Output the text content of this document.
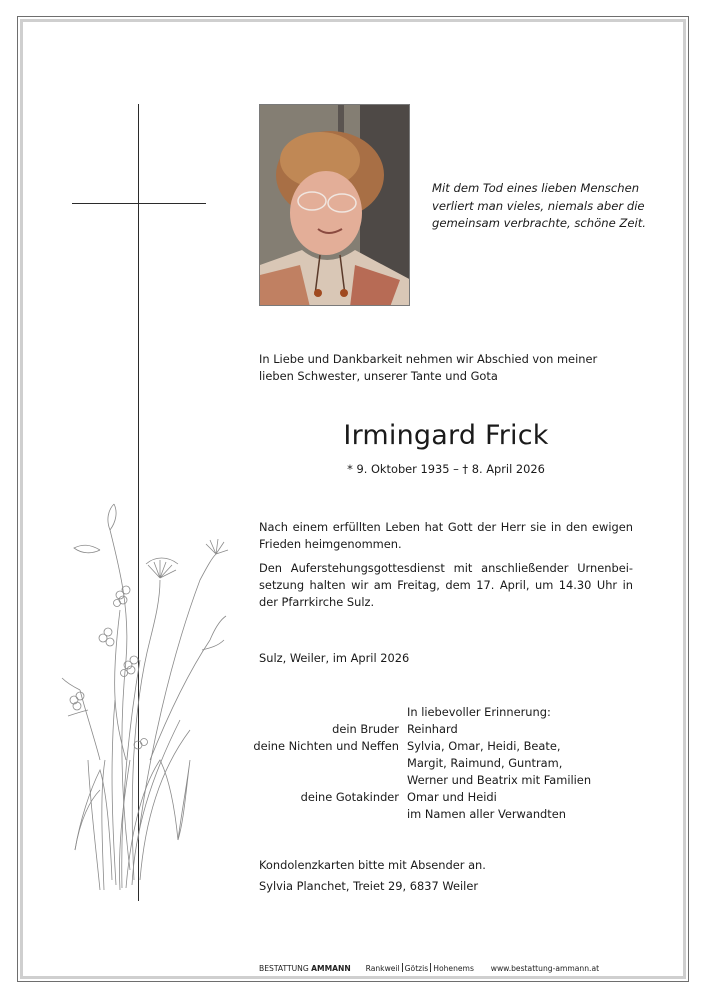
Mit dem Tod eines lieben Menschen
verliert man vieles, niemals aber die
gemeinsam verbrachte, schöne Zeit.
In Liebe und Dankbarkeit nehmen wir Abschied von meiner lieben Schwester, unserer Tante und Gota
Irmingard Frick
* 9. Oktober 1935 – † 8. April 2026
Nach einem erfüllten Leben hat Gott der Herr sie in den ewigen Frieden heimgenommen.
Den Auferstehungsgottesdienst mit anschließender Urnenbei-setzung halten wir am Freitag, dem 17. April, um 14.30 Uhr in der Pfarrkirche Sulz.
Sulz, Weiler, im April 2026
In liebevoller Erinnerung:
dein Bruder Reinhard
deine Nichten und Neffen Sylvia, Omar, Heidi, Beate,
Margit, Raimund, Guntram,
Werner und Beatrix mit Familien
deine Gotakinder Omar und Heidi
im Namen aller Verwandten
Kondolenzkarten bitte mit Absender an.
Sylvia Planchet, Treiet 29, 6837 Weiler
BESTATTUNG AMMANN Rankweil Götzis Hohenems www.bestattung-ammann.at
